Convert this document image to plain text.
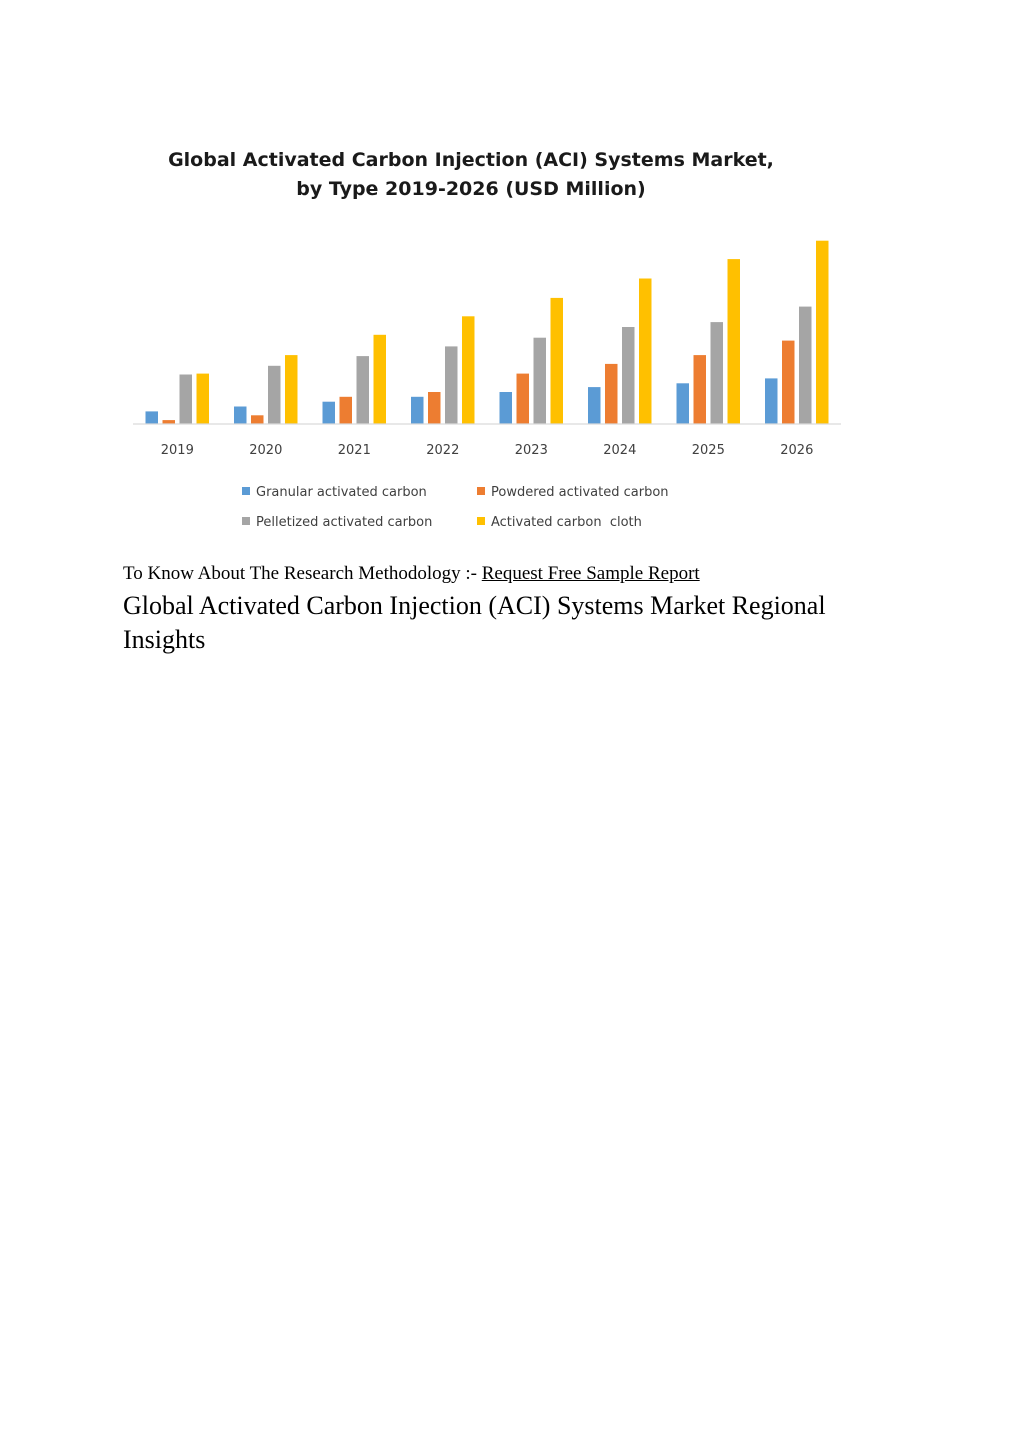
Global Activated Carbon Injection (ACI) Systems Market,
by Type 2019-2026 (USD Million)
2019	2020	2021	2022	2023	2024	2025	2026
Granular activated carbon	Powdered activated carbon
Pelletized activated carbon	Activated carbon  cloth

To Know About The Research Methodology :- Request Free Sample Report

Global Activated Carbon Injection (ACI) Systems Market Regional Insights
